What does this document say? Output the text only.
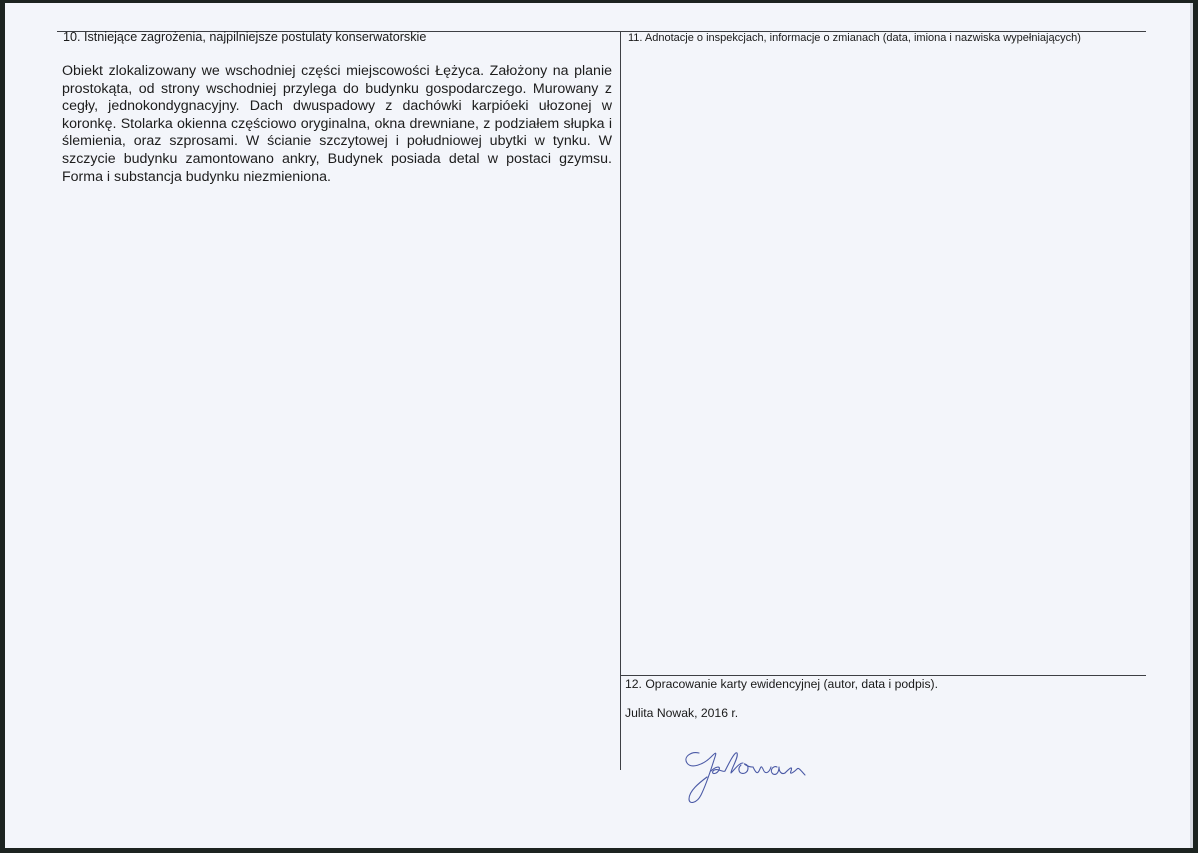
10. Istniejące zagrożenia, najpilniejsze postulaty konserwatorskie
Obiekt zlokalizowany we wschodniej części miejscowości Łężyca. Założony na planie prostokąta, od strony wschodniej przylega do budynku gospodarczego. Murowany z cegły, jednokondygnacyjny. Dach dwuspadowy z dachówki karpióeki ułozonej w koronkę. Stolarka okienna częściowo oryginalna, okna drewniane, z podziałem słupka i ślemienia, oraz szprosami. W ścianie szczytowej i południowej ubytki w tynku. W szczycie budynku zamontowano ankry, Budynek posiada detal w postaci gzymsu. Forma i substancja budynku niezmieniona.
11. Adnotacje o inspekcjach, informacje o zmianach (data, imiona i nazwiska wypełniających)
12. Opracowanie karty ewidencyjnej (autor, data i podpis).
Julita Nowak, 2016 r.
